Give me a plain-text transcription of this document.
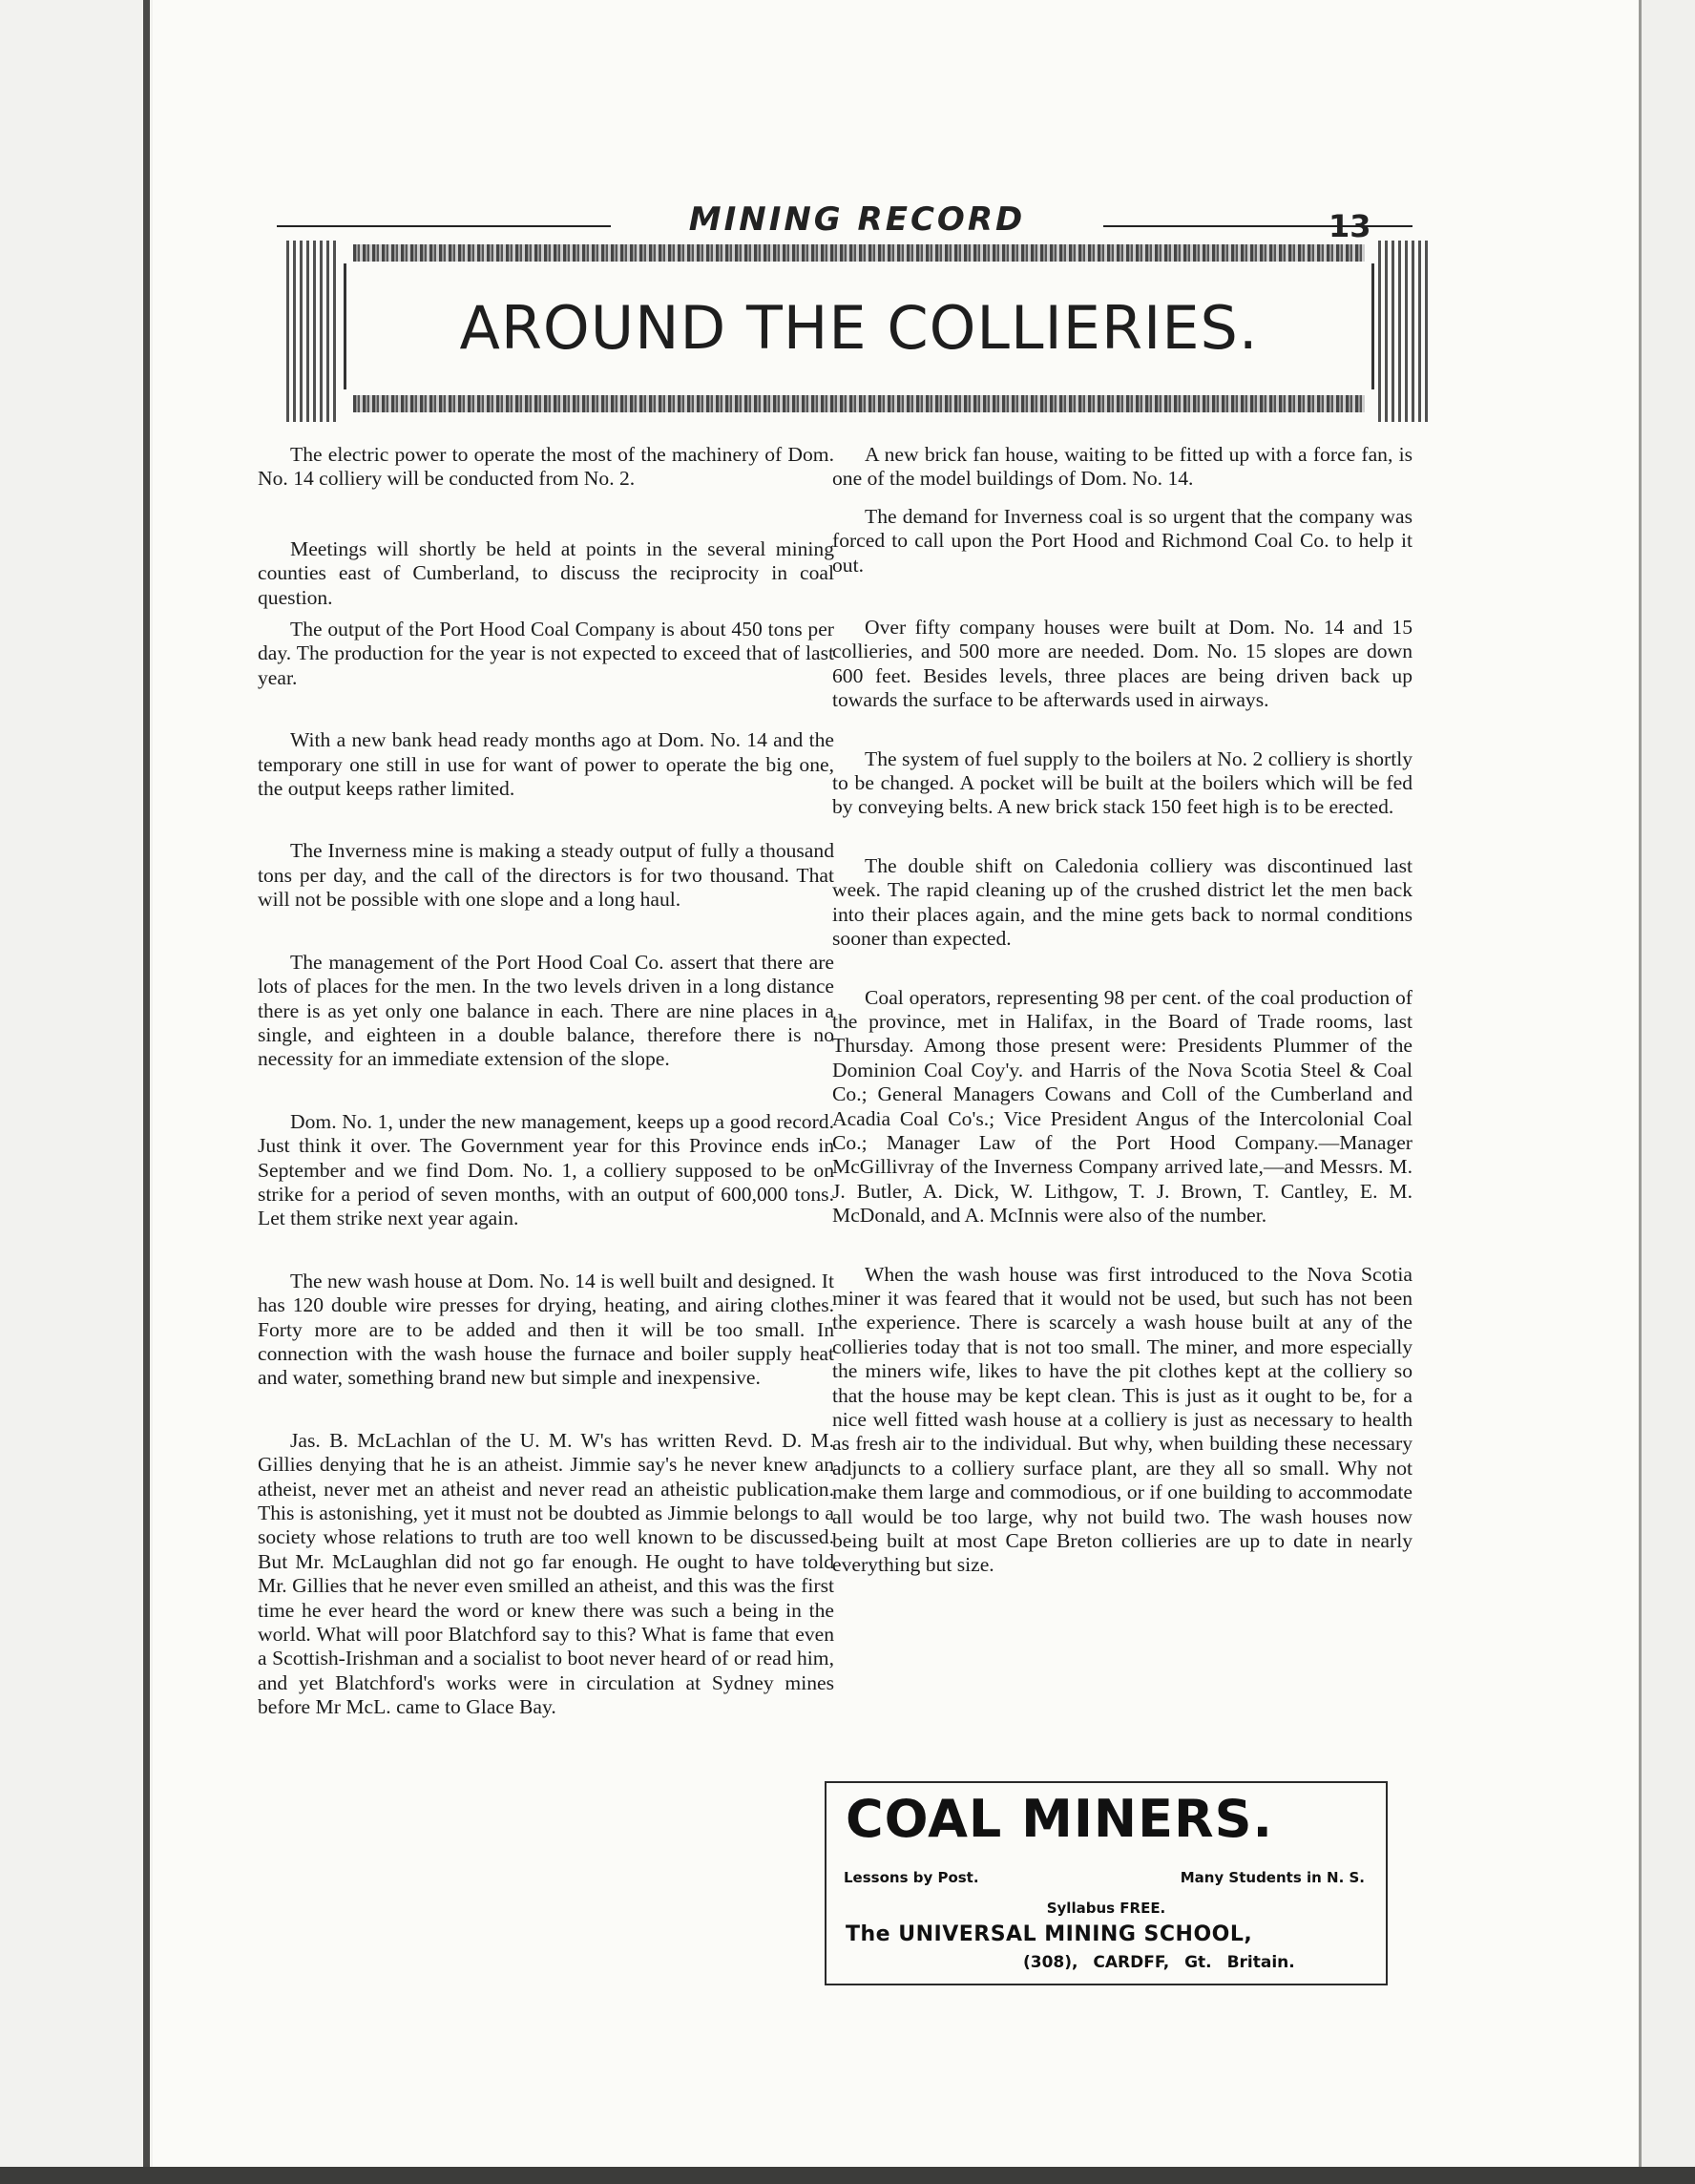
MINING RECORD	13
AROUND THE COLLIERIES.

The electric power to operate the most of the machinery of Dom. No. 14 colliery will be conducted from No. 2.

Meetings will shortly be held at points in the several mining counties east of Cumberland, to discuss the reciprocity in coal question.

The output of the Port Hood Coal Company is about 450 tons per day. The production for the year is not expected to exceed that of last year.

With a new bank head ready months ago at Dom. No. 14 and the temporary one still in use for want of power to operate the big one, the output keeps rather limited.

The Inverness mine is making a steady output of fully a thousand tons per day, and the call of the directors is for two thousand. That will not be possible with one slope and a long haul.

The management of the Port Hood Coal Co. assert that there are lots of places for the men. In the two levels driven in a long distance there is as yet only one balance in each. There are nine places in a single, and eighteen in a double balance, therefore there is no necessity for an immediate extension of the slope.

Dom. No. 1, under the new management, keeps up a good record. Just think it over. The Government year for this Province ends in September and we find Dom. No. 1, a colliery supposed to be on strike for a period of seven months, with an output of 600,000 tons. Let them strike next year again.

The new wash house at Dom. No. 14 is well built and designed. It has 120 double wire presses for drying, heating, and airing clothes. Forty more are to be added and then it will be too small. In connection with the wash house the furnace and boiler supply heat and water, something brand new but simple and inexpensive.

Jas. B. McLachlan of the U. M. W's has written Revd. D. M. Gillies denying that he is an atheist. Jimmie say's he never knew an atheist, never met an atheist and never read an atheistic publication. This is astonishing, yet it must not be doubted as Jimmie belongs to a society whose relations to truth are too well known to be discussed. But Mr. McLaughlan did not go far enough. He ought to have told Mr. Gillies that he never even smilled an atheist, and this was the first time he ever heard the word or knew there was such a being in the world. What will poor Blatchford say to this? What is fame that even a Scottish-Irishman and a socialist to boot never heard of or read him, and yet Blatchford's works were in circulation at Sydney mines before Mr McL. came to Glace Bay.

A new brick fan house, waiting to be fitted up with a force fan, is one of the model buildings of Dom. No. 14.

The demand for Inverness coal is so urgent that the company was forced to call upon the Port Hood and Richmond Coal Co. to help it out.

Over fifty company houses were built at Dom. No. 14 and 15 collieries, and 500 more are needed. Dom. No. 15 slopes are down 600 feet. Besides levels, three places are being driven back up towards the surface to be afterwards used in airways.

The system of fuel supply to the boilers at No. 2 colliery is shortly to be changed. A pocket will be built at the boilers which will be fed by conveying belts. A new brick stack 150 feet high is to be erected.

The double shift on Caledonia colliery was discontinued last week. The rapid cleaning up of the crushed district let the men back into their places again, and the mine gets back to normal conditions sooner than expected.

Coal operators, representing 98 per cent. of the coal production of the province, met in Halifax, in the Board of Trade rooms, last Thursday. Among those present were: Presidents Plummer of the Dominion Coal Coy'y. and Harris of the Nova Scotia Steel & Coal Co.; General Managers Cowans and Coll of the Cumberland and Acadia Coal Co's.; Vice President Angus of the Intercolonial Coal Co.; Manager Law of the Port Hood Company.—Manager McGillivray of the Inverness Company arrived late,—and Messrs. M. J. Butler, A. Dick, W. Lithgow, T. J. Brown, T. Cantley, E. M. McDonald, and A. McInnis were also of the number.

When the wash house was first introduced to the Nova Scotia miner it was feared that it would not be used, but such has not been the experience. There is scarcely a wash house built at any of the collieries today that is not too small. The miner, and more especially the miners wife, likes to have the pit clothes kept at the colliery so that the house may be kept clean. This is just as it ought to be, for a nice well fitted wash house at a colliery is just as necessary to health as fresh air to the individual. But why, when building these necessary adjuncts to a colliery surface plant, are they all so small. Why not make them large and commodious, or if one building to accommodate all would be too large, why not build two. The wash houses now being built at most Cape Breton collieries are up to date in nearly everything but size.

COAL MINERS.
Lessons by Post.	Many Students in N. S.
Syllabus FREE.
The UNIVERSAL MINING SCHOOL,
(308), CARDFF, Gt. Britain.
